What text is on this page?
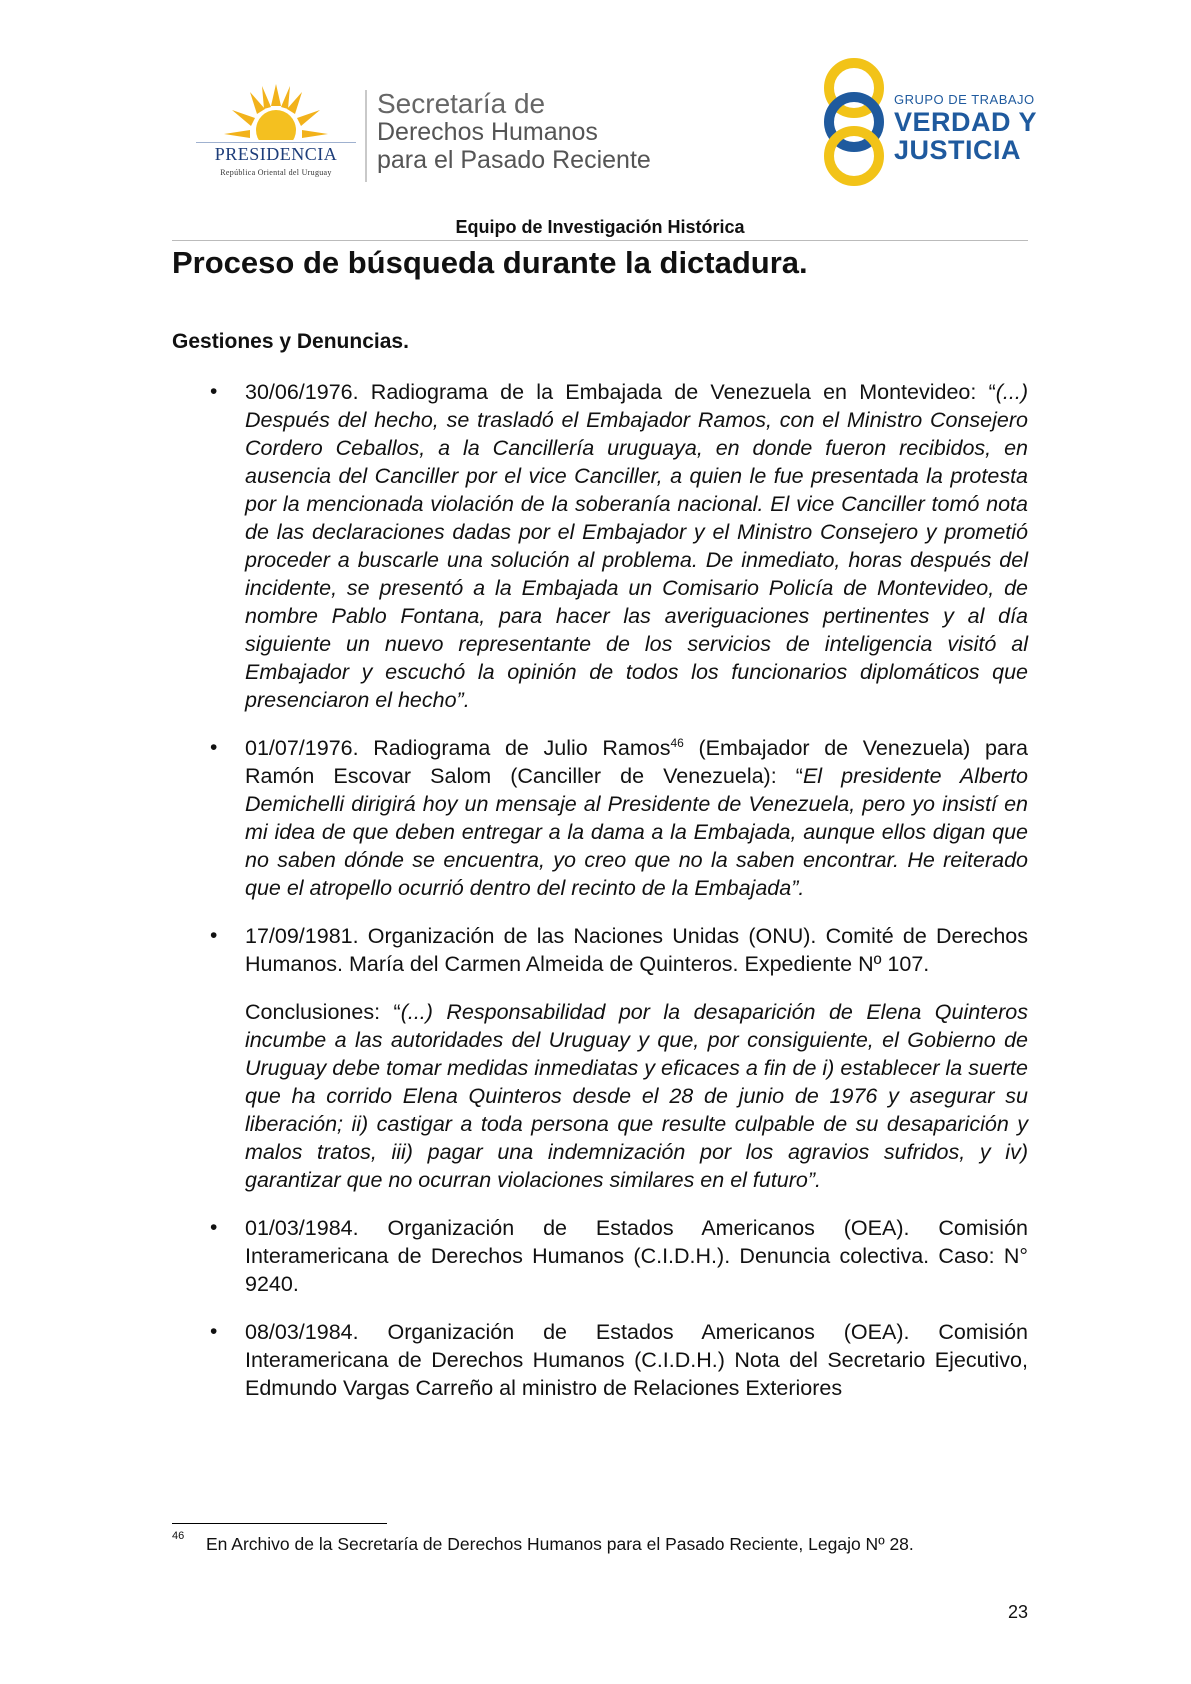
PRESIDENCIA
República Oriental del Uruguay
Secretaría de
Derechos Humanos
para el Pasado Reciente
GRUPO DE TRABAJO
VERDAD Y
JUSTICIA
Equipo de Investigación Histórica
Proceso de búsqueda durante la dictadura.
Gestiones y Denuncias.
• 30/06/1976. Radiograma de la Embajada de Venezuela en Montevideo: “(...) Después del hecho, se trasladó el Embajador Ramos, con el Ministro Consejero Cordero Ceballos, a la Cancillería uruguaya, en donde fueron recibidos, en ausencia del Canciller por el vice Canciller, a quien le fue presentada la protesta por la mencionada violación de la soberanía nacional. El vice Canciller tomó nota de las declaraciones dadas por el Embajador y el Ministro Consejero y prometió proceder a buscarle una solución al problema. De inmediato, horas después del incidente, se presentó a la Embajada un Comisario Policía de Montevideo, de nombre Pablo Fontana, para hacer las averiguaciones pertinentes y al día siguiente un nuevo representante de los servicios de inteligencia visitó al Embajador y escuchó la opinión de todos los funcionarios diplomáticos que presenciaron el hecho”.

• 01/07/1976. Radiograma de Julio Ramos$^{46}$ (Embajador de Venezuela) para Ramón Escovar Salom (Canciller de Venezuela): “El presidente Alberto Demichelli dirigirá hoy un mensaje al Presidente de Venezuela, pero yo insistí en mi idea de que deben entregar a la dama a la Embajada, aunque ellos digan que no saben dónde se encuentra, yo creo que no la saben encontrar. He reiterado que el atropello ocurrió dentro del recinto de la Embajada”.

• 17/09/1981. Organización de las Naciones Unidas (ONU). Comité de Derechos Humanos. María del Carmen Almeida de Quinteros. Expediente Nº 107.

Conclusiones: “(...) Responsabilidad por la desaparición de Elena Quinteros incumbe a las autoridades del Uruguay y que, por consiguiente, el Gobierno de Uruguay debe tomar medidas inmediatas y eficaces a fin de i) establecer la suerte que ha corrido Elena Quinteros desde el 28 de junio de 1976 y asegurar su liberación; ii) castigar a toda persona que resulte culpable de su desaparición y malos tratos, iii) pagar una indemnización por los agravios sufridos, y iv) garantizar que no ocurran violaciones similares en el futuro”.

• 01/03/1984. Organización de Estados Americanos (OEA). Comisión Interamericana de Derechos Humanos (C.I.D.H.). Denuncia colectiva. Caso: N° 9240.

• 08/03/1984. Organización de Estados Americanos (OEA). Comisión Interamericana de Derechos Humanos (C.I.D.H.) Nota del Secretario Ejecutivo, Edmundo Vargas Carreño al ministro de Relaciones Exteriores

46 En Archivo de la Secretaría de Derechos Humanos para el Pasado Reciente, Legajo Nº 28.
23
